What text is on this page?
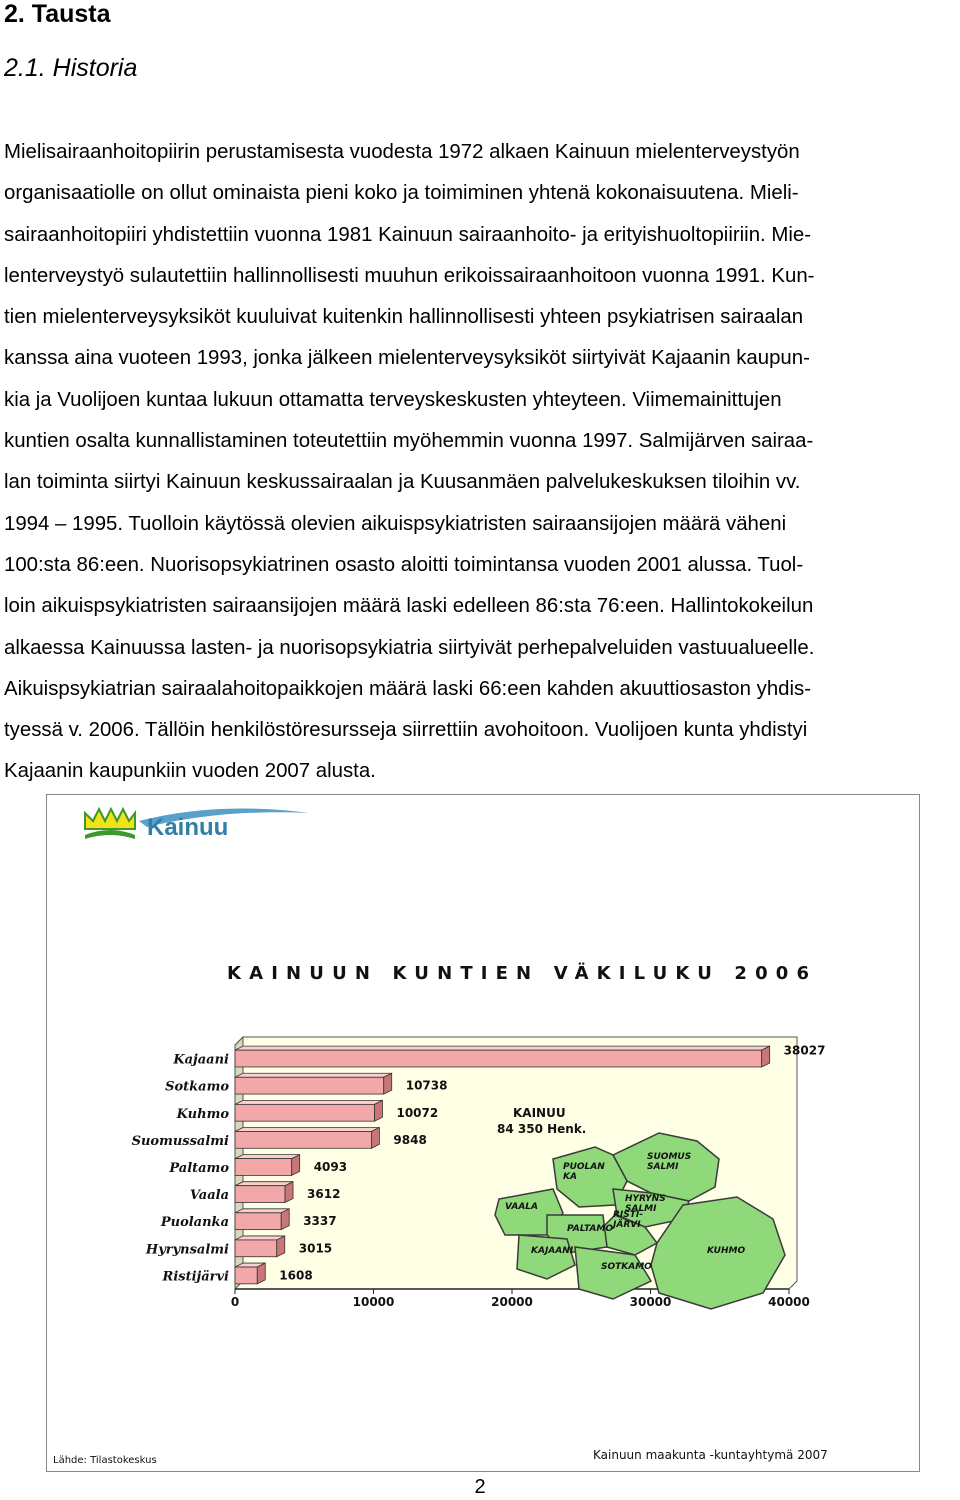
2. Tausta
2.1. Historia
Mielisairaanhoitopiirin perustamisesta vuodesta 1972 alkaen Kainuun mielenterveystyön
organisaatiolle on ollut ominaista pieni koko ja toimiminen yhtenä kokonaisuutena. Mieli-
sairaanhoitopiiri yhdistettiin vuonna 1981 Kainuun sairaanhoito- ja erityishuoltopiiriin. Mie-
lenterveystyö sulautettiin hallinnollisesti muuhun erikoissairaanhoitoon vuonna 1991. Kun-
tien mielenterveysyksiköt kuuluivat kuitenkin hallinnollisesti yhteen psykiatrisen sairaalan
kanssa aina vuoteen 1993, jonka jälkeen mielenterveysyksiköt siirtyivät Kajaanin kaupun-
kia ja Vuolijoen kuntaa lukuun ottamatta terveyskeskusten yhteyteen. Viimemainittujen
kuntien osalta kunnallistaminen toteutettiin myöhemmin vuonna 1997. Salmijärven sairaa-
lan toiminta siirtyi Kainuun keskussairaalan ja Kuusanmäen palvelukeskuksen tiloihin vv.
1994 – 1995. Tuolloin käytössä olevien aikuispsykiatristen sairaansijojen määrä väheni
100:sta 86:een. Nuorisopsykiatrinen osasto aloitti toimintansa vuoden 2001 alussa. Tuol-
loin aikuispsykiatristen sairaansijojen määrä laski edelleen 86:sta 76:een. Hallintokokeilun
alkaessa Kainuussa lasten- ja nuorisopsykiatria siirtyivät perhepalveluiden vastuualueelle.
Aikuispsykiatrian sairaalahoitopaikkojen määrä laski 66:een kahden akuuttiosaston yhdis-
tyessä v. 2006. Tällöin henkilöstöresursseja siirrettiin avohoitoon. Vuolijoen kunta yhdistyi
Kajaanin kaupunkiin vuoden 2007 alusta.
Kainuu
KAINUUN KUNTIEN VÄKILUKU 2006
0	10000	20000	30000	40000
Kajaani
38027
Sotkamo	10738
Kuhmo	10072
Suomussalmi	9848
Paltamo	4093
Vaala	3612
Puolanka	3337
Hyrynsalmi	3015
Ristijärvi	1608
KAINUU
84 350 Henk.
SUOMUS
SALMI
PUOLAN
KA
HYRYNS
SALMI
RISTI-
JÄRVI
VAALA
PALTAMO
KAJAANI
SOTKAMO
KUHMO
Lähde: Tilastokeskus	Kainuun maakunta -kuntayhtymä 2007
2
